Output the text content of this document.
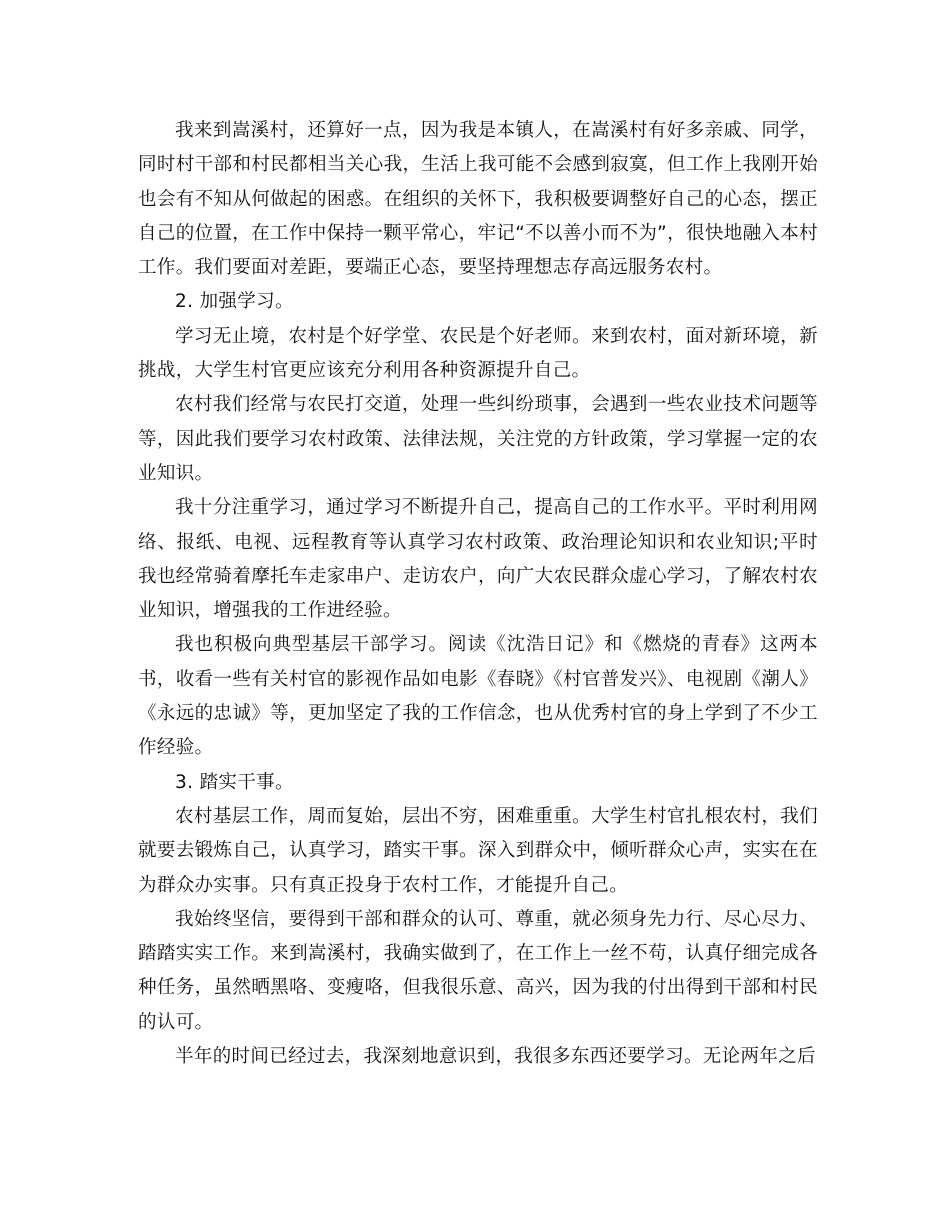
我来到嵩溪村，还算好一点，因为我是本镇人，在嵩溪村有好多亲戚、同学，同时村干部和村民都相当关心我，生活上我可能不会感到寂寞，但工作上我刚开始也会有不知从何做起的困惑。在组织的关怀下，我积极要调整好自己的心态，摆正自己的位置，在工作中保持一颗平常心，牢记“不以善小而不为”，很快地融入本村工作。我们要面对差距，要端正心态，要坚持理想志存高远服务农村。

2. 加强学习。

学习无止境，农村是个好学堂、农民是个好老师。来到农村，面对新环境，新挑战，大学生村官更应该充分利用各种资源提升自己。

农村我们经常与农民打交道，处理一些纠纷琐事，会遇到一些农业技术问题等等，因此我们要学习农村政策、法律法规，关注党的方针政策，学习掌握一定的农业知识。

我十分注重学习，通过学习不断提升自己，提高自己的工作水平。平时利用网络、报纸、电视、远程教育等认真学习农村政策、政治理论知识和农业知识;平时我也经常骑着摩托车走家串户、走访农户，向广大农民群众虚心学习，了解农村农业知识，增强我的工作进经验。

我也积极向典型基层干部学习。阅读《沈浩日记》和《燃烧的青春》这两本书，收看一些有关村官的影视作品如电影《春晓》《村官普发兴》、电视剧《潮人》《永远的忠诚》等，更加坚定了我的工作信念，也从优秀村官的身上学到了不少工作经验。

3. 踏实干事。

农村基层工作，周而复始，层出不穷，困难重重。大学生村官扎根农村，我们就要去锻炼自己，认真学习，踏实干事。深入到群众中，倾听群众心声，实实在在为群众办实事。只有真正投身于农村工作，才能提升自己。

我始终坚信，要得到干部和群众的认可、尊重，就必须身先力行、尽心尽力、踏踏实实工作。来到嵩溪村，我确实做到了，在工作上一丝不苟，认真仔细完成各种任务，虽然晒黑咯、变瘦咯，但我很乐意、高兴，因为我的付出得到干部和村民的认可。

半年的时间已经过去，我深刻地意识到，我很多东西还要学习。无论两年之后
